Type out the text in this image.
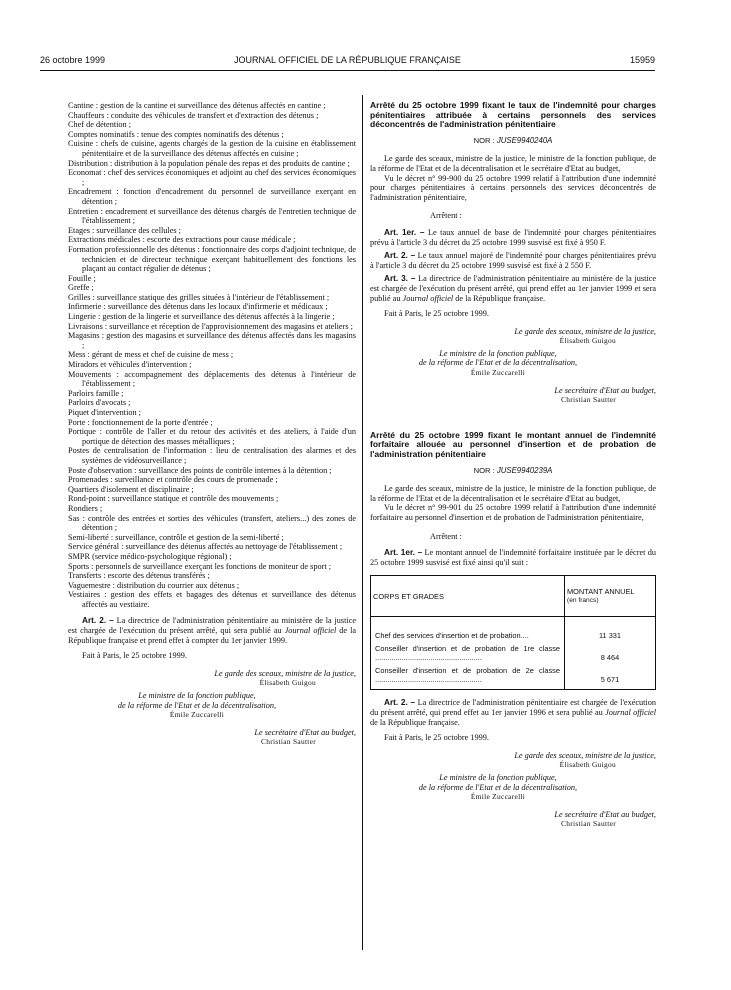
26 octobre 1999	JOURNAL OFFICIEL DE LA RÉPUBLIQUE FRANÇAISE	15959

Cantine : gestion de la cantine et surveillance des détenus affectés en cantine ;

Chauffeurs : conduite des véhicules de transfert et d'extraction des détenus ;

Chef de détention ;

Comptes nominatifs : tenue des comptes nominatifs des détenus ;

Cuisine : chefs de cuisine, agents chargés de la gestion de la cuisine en établissement pénitentiaire et de la surveillance des détenus affectés en cuisine ;

Distribution : distribution à la population pénale des repas et des produits de cantine ;

Economat : chef des services économiques et adjoint au chef des services économiques ;

Encadrement : fonction d'encadrement du personnel de surveillance exerçant en détention ;

Entretien : encadrement et surveillance des détenus chargés de l'entretien technique de l'établissement ;

Etages : surveillance des cellules ;

Extractions médicales : escorte des extractions pour cause médicale ;

Formation professionnelle des détenus : fonctionnaire des corps d'adjoint technique, de technicien et de directeur technique exerçant habituellement des fonctions les plaçant au contact régulier de détenus ;

Fouille ;

Greffe ;

Grilles : surveillance statique des grilles situées à l'intérieur de l'établissement ;

Infirmerie : surveillance des détenus dans les locaux d'infirmerie et médicaux ;

Lingerie : gestion de la lingerie et surveillance des détenus affectés à la lingerie ;

Livraisons : surveillance et réception de l'approvisionnement des magasins et ateliers ;

Magasins : gestion des magasins et surveillance des détenus affectés dans les magasins ;

Mess : gérant de mess et chef de cuisine de mess ;

Miradors et véhicules d'intervention ;

Mouvements : accompagnement des déplacements des détenus à l'intérieur de l'établissement ;

Parloirs famille ;

Parloirs d'avocats ;

Piquet d'intervention ;

Porte : fonctionnement de la porte d'entrée ;

Portique : contrôle de l'aller et du retour des activités et des ateliers, à l'aide d'un portique de détection des masses métalliques ;

Postes de centralisation de l'information : lieu de centralisation des alarmes et des systèmes de vidéosurveillance ;

Poste d'observation : surveillance des points de contrôle internes à la détention ;

Promenades : surveillance et contrôle des cours de promenade ;

Quartiers d'isolement et disciplinaire ;

Rond-point : surveillance statique et contrôle des mouvements ;

Rondiers ;

Sas : contrôle des entrées et sorties des véhicules (transfert, ateliers...) des zones de détention ;

Semi-liberté : surveillance, contrôle et gestion de la semi-liberté ;

Service général : surveillance des détenus affectés au nettoyage de l'établissement ;

SMPR (service médico-psychologique régional) ;

Sports : personnels de surveillance exerçant les fonctions de moniteur de sport ;

Transferts : escorte des détenus transférés ;

Vaguemestre : distribution du courrier aux détenus ;

Vestiaires : gestion des effets et bagages des détenus et surveillance des détenus affectés au vestiaire.

Art. 2. – La directrice de l'administration pénitentiaire au ministère de la justice est chargée de l'exécution du présent arrêté, qui sera publié au Journal officiel de la République française et prend effet à compter du 1er janvier 1999.

Fait à Paris, le 25 octobre 1999.
Le garde des sceaux, ministre de la justice,
Élisabeth Guigou
Le ministre de la fonction publique,
de la réforme de l'Etat et de la décentralisation,
Émile Zuccarelli
Le secrétaire d'Etat au budget,
Christian Sautter

Arrêté du 25 octobre 1999 fixant le taux de l'indemnité pour charges pénitentiaires attribuée à certains personnels des services déconcentrés de l'administration pénitentiaire

NOR : JUSE9940240A

Le garde des sceaux, ministre de la justice, le ministre de la fonction publique, de la réforme de l'Etat et de la décentralisation et le secrétaire d'Etat au budget,

Vu le décret n° 99-900 du 25 octobre 1999 relatif à l'attribution d'une indemnité pour charges pénitentiaires à certains personnels des services déconcentrés de l'administration pénitentiaire,

Arrêtent :

Art. 1er. – Le taux annuel de base de l'indemnité pour charges pénitentiaires prévu à l'article 3 du décret du 25 octobre 1999 susvisé est fixé à 950 F.

Art. 2. – Le taux annuel majoré de l'indemnité pour charges pénitentiaires prévu à l'article 3 du décret du 25 octobre 1999 susvisé est fixé à 2 550 F.

Art. 3. – La directrice de l'administration pénitentiaire au ministère de la justice est chargée de l'exécution du présent arrêté, qui prend effet au 1er janvier 1999 et sera publié au Journal officiel de la République française.

Fait à Paris, le 25 octobre 1999.
Le garde des sceaux, ministre de la justice,
Élisabeth Guigou
Le ministre de la fonction publique,
de la réforme de l'Etat et de la décentralisation,
Émile Zuccarelli
Le secrétaire d'Etat au budget,
Christian Sautter

Arrêté du 25 octobre 1999 fixant le montant annuel de l'indemnité forfaitaire allouée au personnel d'insertion et de probation de l'administration pénitentiaire

NOR : JUSE9940239A

Le garde des sceaux, ministre de la justice, le ministre de la fonction publique, de la réforme de l'Etat et de la décentralisation et le secrétaire d'Etat au budget,

Vu le décret n° 99-901 du 25 octobre 1999 relatif à l'attribution d'une indemnité forfaitaire au personnel d'insertion et de probation de l'administration pénitentiaire,

Arrêtent :

Art. 1er. – Le montant annuel de l'indemnité forfaitaire instituée par le décret du 25 octobre 1999 susvisé est fixé ainsi qu'il suit :

CORPS ET GRADES	MONTANT ANNUEL
(en francs)

Chef des services d'insertion et de probation....	11 331
Conseiller d'insertion et de probation de 1re classe ....................................................	8 464
Conseiller d'insertion et de probation de 2e classe ....................................................	5 671

Art. 2. – La directrice de l'administration pénitentiaire est chargée de l'exécution du présent arrêté, qui prend effet au 1er janvier 1996 et sera publié au Journal officiel de la République française.

Fait à Paris, le 25 octobre 1999.
Le garde des sceaux, ministre de la justice,
Élisabeth Guigou
Le ministre de la fonction publique,
de la réforme de l'Etat et de la décentralisation,
Émile Zuccarelli
Le secrétaire d'Etat au budget,
Christian Sautter
